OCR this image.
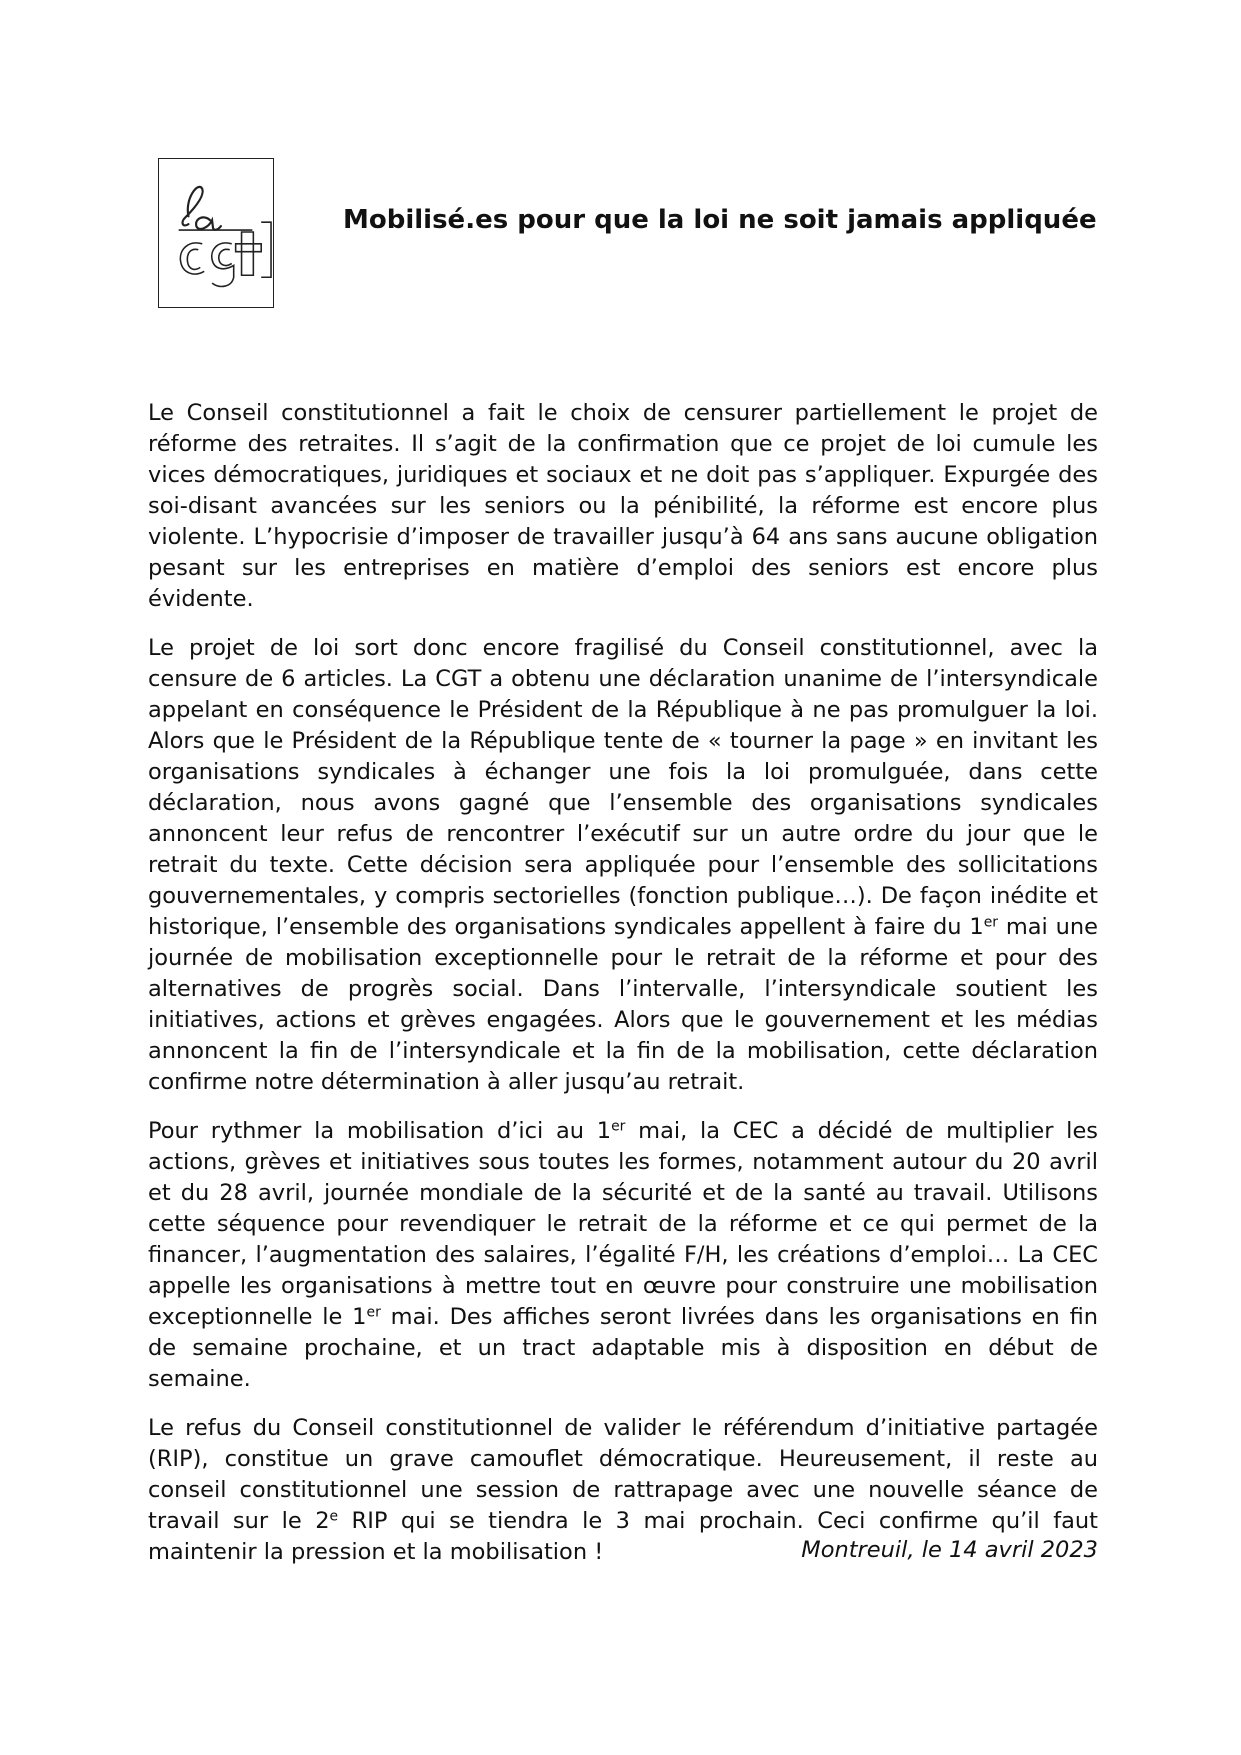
Mobilisé.es pour que la loi ne soit jamais appliquée

Le Conseil constitutionnel a fait le choix de censurer partiellement le projet de réforme des retraites. Il s’agit de la confirmation que ce projet de loi cumule les vices démocratiques, juridiques et sociaux et ne doit pas s’appliquer. Expurgée des soi-disant avancées sur les seniors ou la pénibilité, la réforme est encore plus violente. L’hypocrisie d’imposer de travailler jusqu’à 64 ans sans aucune obligation pesant sur les entreprises en matière d’emploi des seniors est encore plus évidente.

Le projet de loi sort donc encore fragilisé du Conseil constitutionnel, avec la censure de 6 articles. La CGT a obtenu une déclaration unanime de l’intersyndicale appelant en conséquence le Président de la République à ne pas promulguer la loi. Alors que le Président de la République tente de « tourner la page » en invitant les organisations syndicales à échanger une fois la loi promulguée, dans cette déclaration, nous avons gagné que l’ensemble des organisations syndicales annoncent leur refus de rencontrer l’exécutif sur un autre ordre du jour que le retrait du texte. Cette décision sera appliquée pour l’ensemble des sollicitations gouvernementales, y compris sectorielles (fonction publique…). De façon inédite et historique, l’ensemble des organisations syndicales appellent à faire du 1er mai une journée de mobilisation exceptionnelle pour le retrait de la réforme et pour des alternatives de progrès social. Dans l’intervalle, l’intersyndicale soutient les initiatives, actions et grèves engagées. Alors que le gouvernement et les médias annoncent la fin de l’intersyndicale et la fin de la mobilisation, cette déclaration confirme notre détermination à aller jusqu’au retrait.

Pour rythmer la mobilisation d’ici au 1er mai, la CEC a décidé de multiplier les actions, grèves et initiatives sous toutes les formes, notamment autour du 20 avril et du 28 avril, journée mondiale de la sécurité et de la santé au travail. Utilisons cette séquence pour revendiquer le retrait de la réforme et ce qui permet de la financer, l’augmentation des salaires, l’égalité F/H, les créations d’emploi… La CEC appelle les organisations à mettre tout en œuvre pour construire une mobilisation exceptionnelle le 1er mai. Des affiches seront livrées dans les organisations en fin de semaine prochaine, et un tract adaptable mis à disposition en début de semaine.

Le refus du Conseil constitutionnel de valider le référendum d’initiative partagée (RIP), constitue un grave camouflet démocratique. Heureusement, il reste au conseil constitutionnel une session de rattrapage avec une nouvelle séance de travail sur le 2e RIP qui se tiendra le 3 mai prochain. Ceci confirme qu’il faut maintenir la pression et la mobilisation !	Montreuil, le 14 avril 2023
